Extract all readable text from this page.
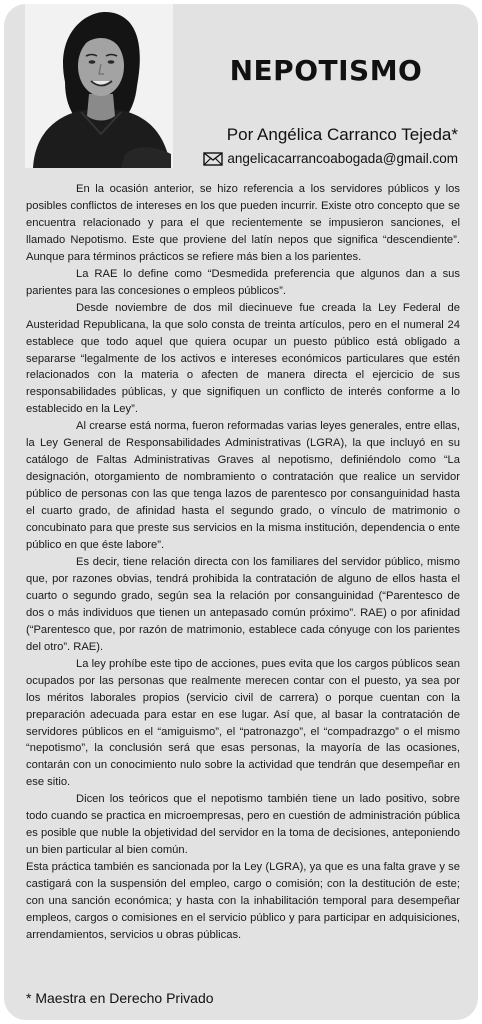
NEPOTISMO
Por Angélica Carranco Tejeda*
angelicacarrancoabogada@gmail.com

En la ocasión anterior, se hizo referencia a los servidores públicos y los posibles conflictos de intereses en los que pueden incurrir. Existe otro concepto que se encuentra relacionado y para el que recientemente se impusieron sanciones, el llamado Nepotismo. Este que proviene del latín nepos que significa “descendiente”. Aunque para términos prácticos se refiere más bien a los parientes.

La RAE lo define como “Desmedida preferencia que algunos dan a sus parientes para las concesiones o empleos públicos”.

Desde noviembre de dos mil diecinueve fue creada la Ley Federal de Austeridad Republicana, la que solo consta de treinta artículos, pero en el numeral 24 establece que todo aquel que quiera ocupar un puesto público está obligado a separarse “legalmente de los activos e intereses económicos particulares que estén relacionados con la materia o afecten de manera directa el ejercicio de sus responsabilidades públicas, y que signifiquen un conflicto de interés conforme a lo establecido en la Ley”.

Al crearse está norma, fueron reformadas varias leyes generales, entre ellas, la Ley General de Responsabilidades Administrativas (LGRA), la que incluyó en su catálogo de Faltas Administrativas Graves al nepotismo, definiéndolo como “La designación, otorgamiento de nombramiento o contratación que realice un servidor público de personas con las que tenga lazos de parentesco por consanguinidad hasta el cuarto grado, de afinidad hasta el segundo grado, o vínculo de matrimonio o concubinato para que preste sus servicios en la misma institución, dependencia o ente público en que éste labore”.

Es decir, tiene relación directa con los familiares del servidor público, mismo que, por razones obvias, tendrá prohibida la contratación de alguno de ellos hasta el cuarto o segundo grado, según sea la relación por consanguinidad (“Parentesco de dos o más individuos que tienen un antepasado común próximo”. RAE) o por afinidad (“Parentesco que, por razón de matrimonio, establece cada cónyuge con los parientes del otro”. RAE).

La ley prohíbe este tipo de acciones, pues evita que los cargos públicos sean ocupados por las personas que realmente merecen contar con el puesto, ya sea por los méritos laborales propios (servicio civil de carrera) o porque cuentan con la preparación adecuada para estar en ese lugar. Así que, al basar la contratación de servidores públicos en el “amiguismo”, el “patronazgo”, el “compadrazgo” o el mismo “nepotismo”, la conclusión será que esas personas, la mayoría de las ocasiones, contarán con un conocimiento nulo sobre la actividad que tendrán que desempeñar en ese sitio.

Dicen los teóricos que el nepotismo también tiene un lado positivo, sobre todo cuando se practica en microempresas, pero en cuestión de administración pública es posible que nuble la objetividad del servidor en la toma de decisiones, anteponiendo un bien particular al bien común.

Esta práctica también es sancionada por la Ley (LGRA), ya que es una falta grave y se castigará con la suspensión del empleo, cargo o comisión; con la destitución de este; con una sanción económica; y hasta con la inhabilitación temporal para desempeñar empleos, cargos o comisiones en el servicio público y para participar en adquisiciones, arrendamientos, servicios u obras públicas.

* Maestra en Derecho Privado
